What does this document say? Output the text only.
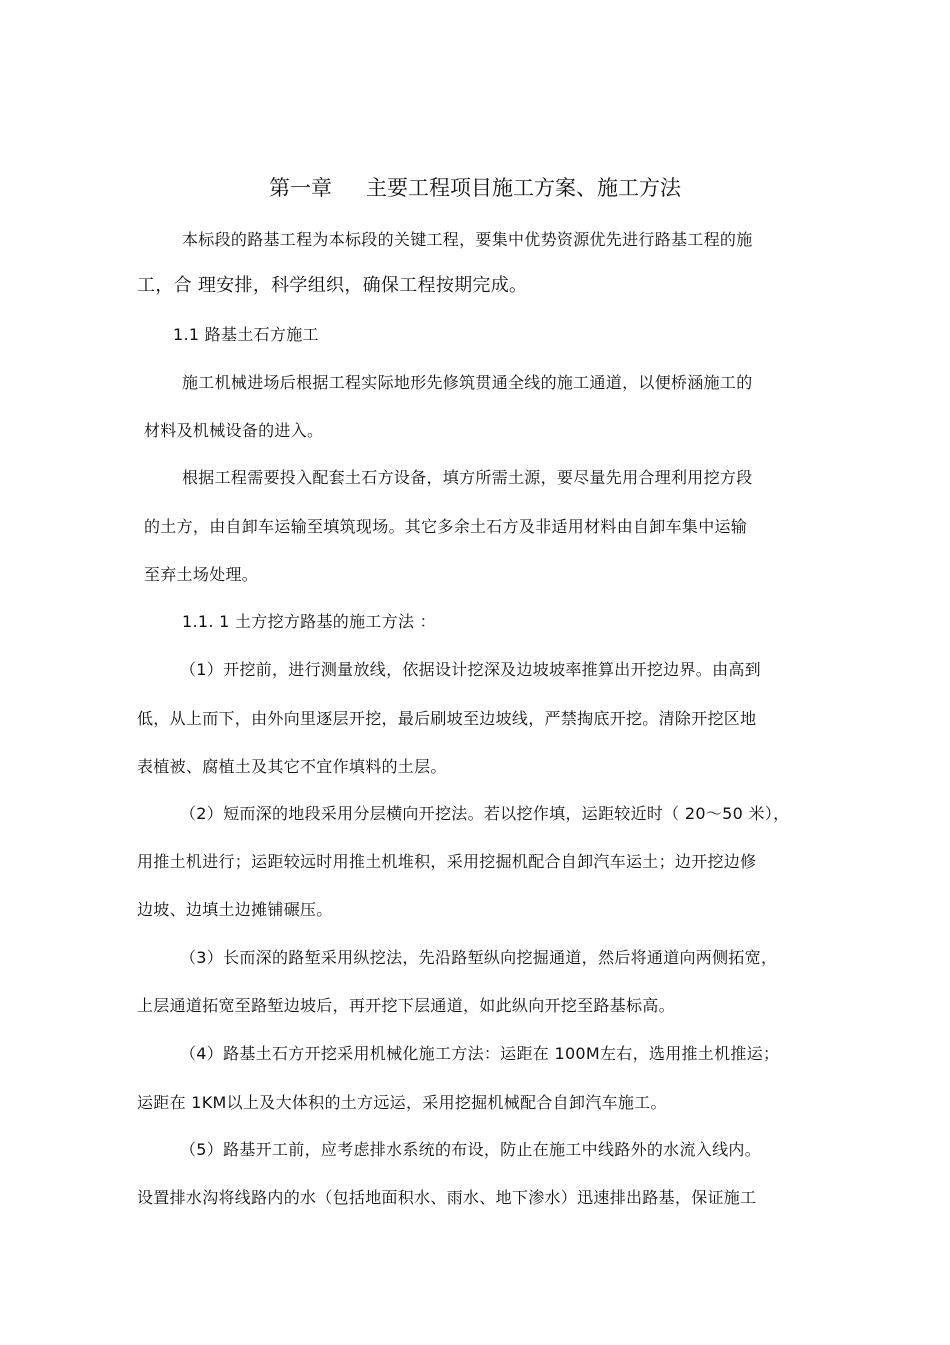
第一章 主要工程项目施工方案、施工方法
本标段的路基工程为本标段的关键工程，要集中优势资源优先进行路基工程的施
工，合 理安排，科学组织，确保工程按期完成。
1.1 路基土石方施工
施工机械进场后根据工程实际地形先修筑贯通全线的施工通道，以便桥涵施工的
材料及机械设备的进入。
根据工程需要投入配套土石方设备，填方所需土源，要尽量先用合理利用挖方段
的土方，由自卸车运输至填筑现场。其它多余土石方及非适用材料由自卸车集中运输
至弃土场处理。
1.1. 1 土方挖方路基的施工方法 ：
（1）开挖前，进行测量放线，依据设计挖深及边坡坡率推算出开挖边界。由高到
低，从上而下，由外向里逐层开挖，最后刷坡至边坡线，严禁掏底开挖。清除开挖区地
表植被、腐植土及其它不宜作填料的土层。
（2）短而深的地段采用分层横向开挖法。若以挖作填，运距较近时（ 20～50 米），
用推土机进行；运距较远时用推土机堆积，采用挖掘机配合自卸汽车运土；边开挖边修
边坡、边填土边摊铺碾压。
（3）长而深的路堑采用纵挖法，先沿路堑纵向挖掘通道，然后将通道向两侧拓宽，
上层通道拓宽至路堑边坡后，再开挖下层通道，如此纵向开挖至路基标高。
（4）路基土石方开挖采用机械化施工方法：运距在 100M左右，选用推土机推运；
运距在 1KM以上及大体积的土方远运，采用挖掘机械配合自卸汽车施工。
（5）路基开工前，应考虑排水系统的布设，防止在施工中线路外的水流入线内。
设置排水沟将线路内的水（包括地面积水、雨水、地下渗水）迅速排出路基，保证施工
